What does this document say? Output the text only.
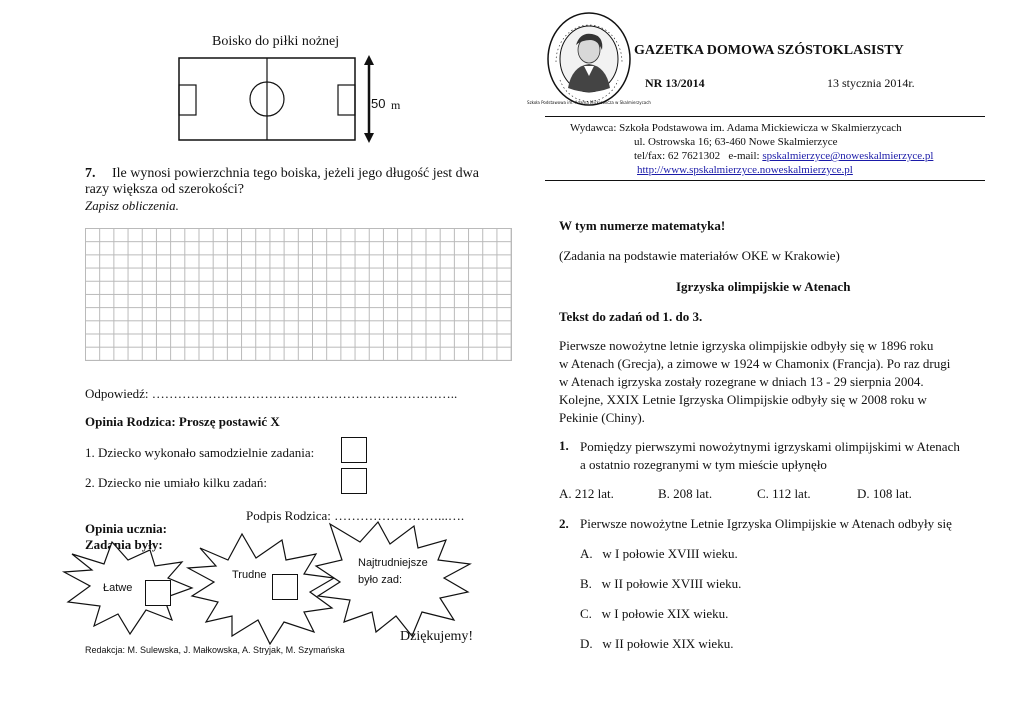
Boisko do piłki nożnej
50 m
7.	Ile wynosi powierzchnia tego boiska, jeżeli jego długość jest dwa razy większa od szerokości?
Zapisz obliczenia.
Odpowiedź: ……………………………………………………………..
Opinia Rodzica: Proszę postawić X
1. Dziecko wykonało samodzielnie zadania:
2. Dziecko nie umiało kilku zadań:
Podpis Rodzica: ……………………...….
Opinia ucznia:
Zadania były:
Łatwe
Trudne
Najtrudniejsze
było zad:
Dziękujemy!
Redakcja: M. Sulewska, J. Małkowska, A. Stryjak, M. Szymańska
Szkoła Podstawowa im. Adama Mickiewicza w Skalmierzycach
GAZETKA DOMOWA SZÓSTOKLASISTY
NR 13/2014	13 stycznia 2014r.
Wydawca: Szkoła Podstawowa im. Adama Mickiewicza w Skalmierzycach
ul. Ostrowska 16; 63-460 Nowe Skalmierzyce
tel/fax: 62 7621302 e-mail: spskalmierzyce@noweskalmierzyce.pl
http://www.spskalmierzyce.noweskalmierzyce.pl
W tym numerze matematyka!
(Zadania na podstawie materiałów OKE w Krakowie)
Igrzyska olimpijskie w Atenach
Tekst do zadań od 1. do 3.
Pierwsze nowożytne letnie igrzyska olimpijskie odbyły się w 1896 roku
w Atenach (Grecja), a zimowe w 1924 w Chamonix (Francja). Po raz drugi
w Atenach igrzyska zostały rozegrane w dniach 13 - 29 sierpnia 2004.
Kolejne, XXIX Letnie Igrzyska Olimpijskie odbyły się w 2008 roku w
Pekinie (Chiny).
1. Pomiędzy pierwszymi nowożytnymi igrzyskami olimpijskimi w Atenach
a ostatnio rozegranymi w tym mieście upłynęło
A. 212 lat.	B. 208 lat.	C. 112 lat.	D. 108 lat.
2. Pierwsze nowożytne Letnie Igrzyska Olimpijskie w Atenach odbyły się
A. w I połowie XVIII wieku.
B. w II połowie XVIII wieku.
C. w I połowie XIX wieku.
D. w II połowie XIX wieku.
